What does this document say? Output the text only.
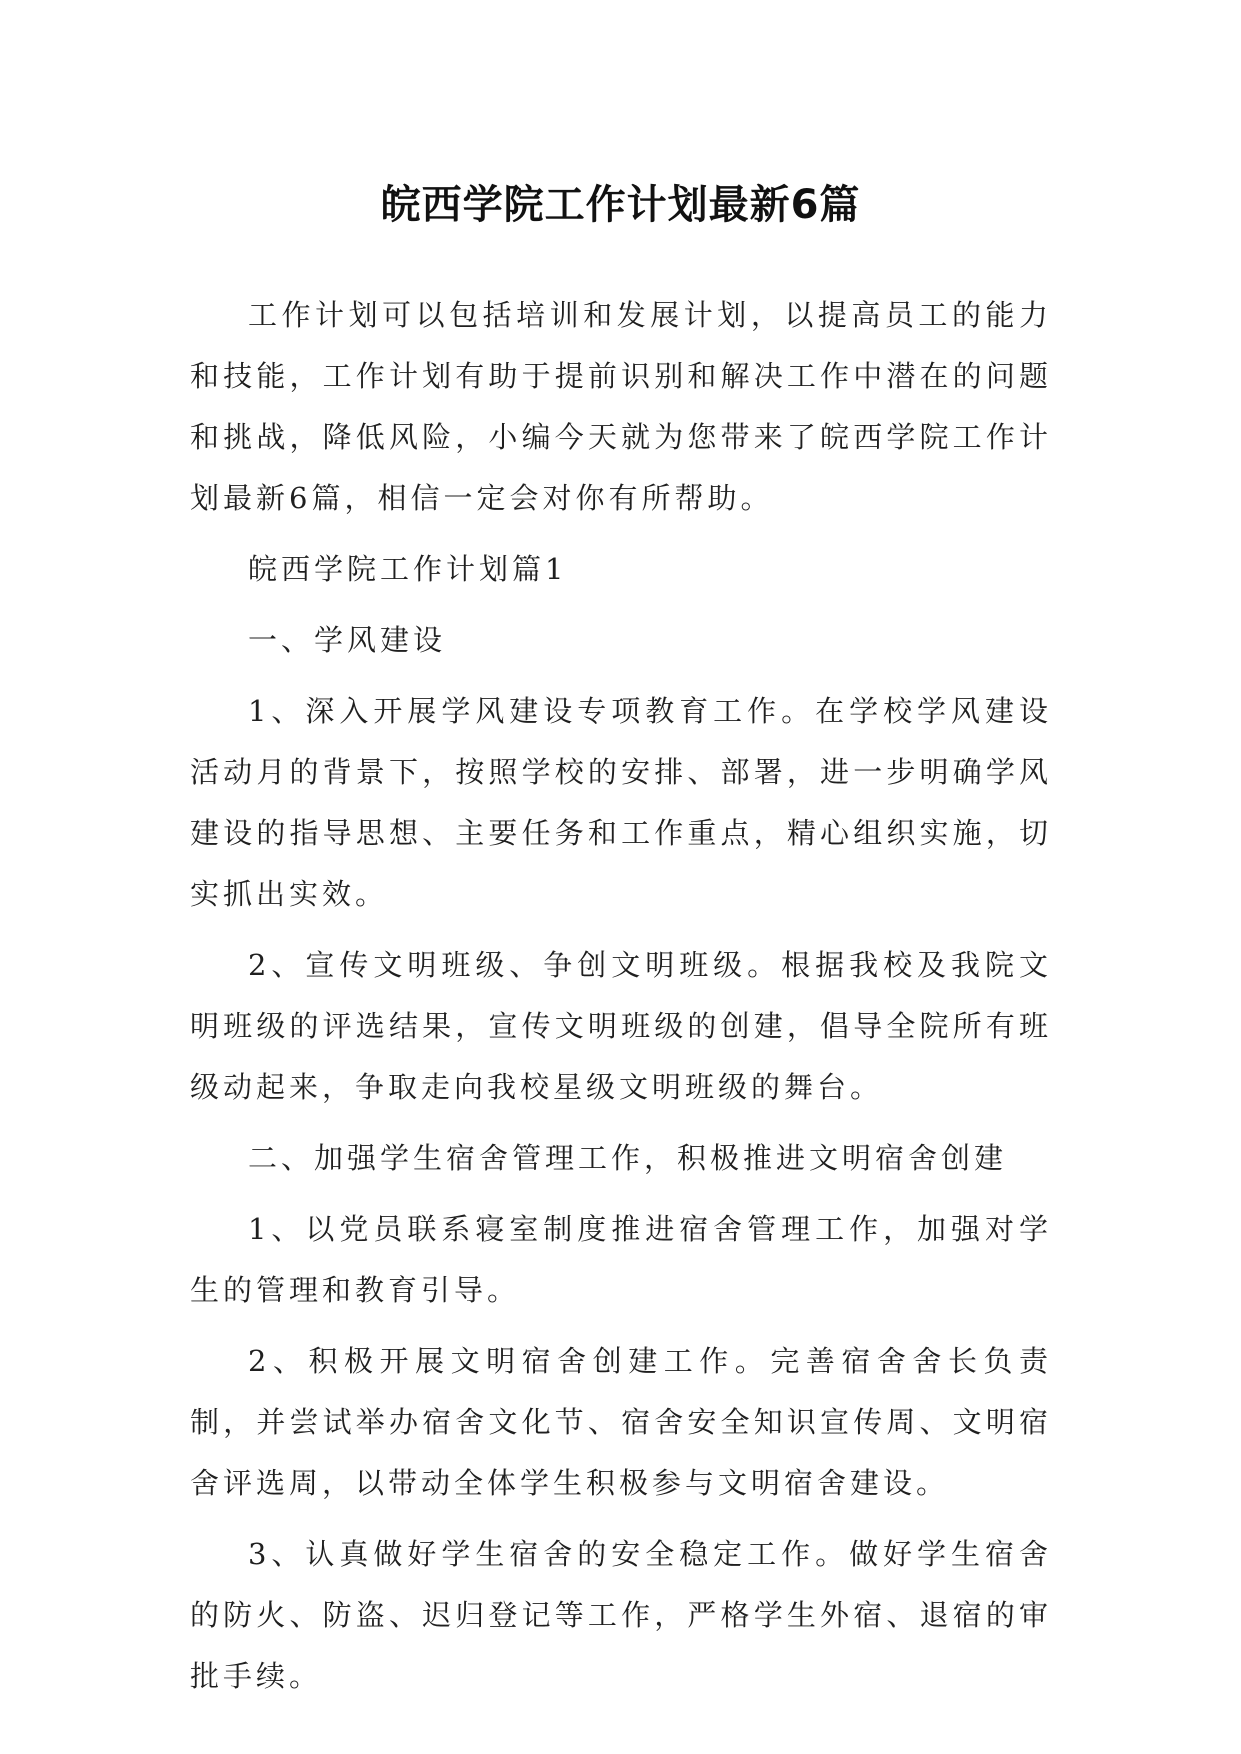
皖西学院工作计划最新6篇

工作计划可以包括培训和发展计划，以提高员工的能力和技能，工作计划有助于提前识别和解决工作中潜在的问题和挑战，降低风险，小编今天就为您带来了皖西学院工作计划最新6篇，相信一定会对你有所帮助。

皖西学院工作计划篇1

一、学风建设

1、深入开展学风建设专项教育工作。在学校学风建设活动月的背景下，按照学校的安排、部署，进一步明确学风建设的指导思想、主要任务和工作重点，精心组织实施，切实抓出实效。

2、宣传文明班级、争创文明班级。根据我校及我院文明班级的评选结果，宣传文明班级的创建，倡导全院所有班级动起来，争取走向我校星级文明班级的舞台。

二、加强学生宿舍管理工作，积极推进文明宿舍创建

1、以党员联系寝室制度推进宿舍管理工作，加强对学生的管理和教育引导。

2、积极开展文明宿舍创建工作。完善宿舍舍长负责制，并尝试举办宿舍文化节、宿舍安全知识宣传周、文明宿舍评选周，以带动全体学生积极参与文明宿舍建设。

3、认真做好学生宿舍的安全稳定工作。做好学生宿舍的防火、防盗、迟归登记等工作，严格学生外宿、退宿的审批手续。
